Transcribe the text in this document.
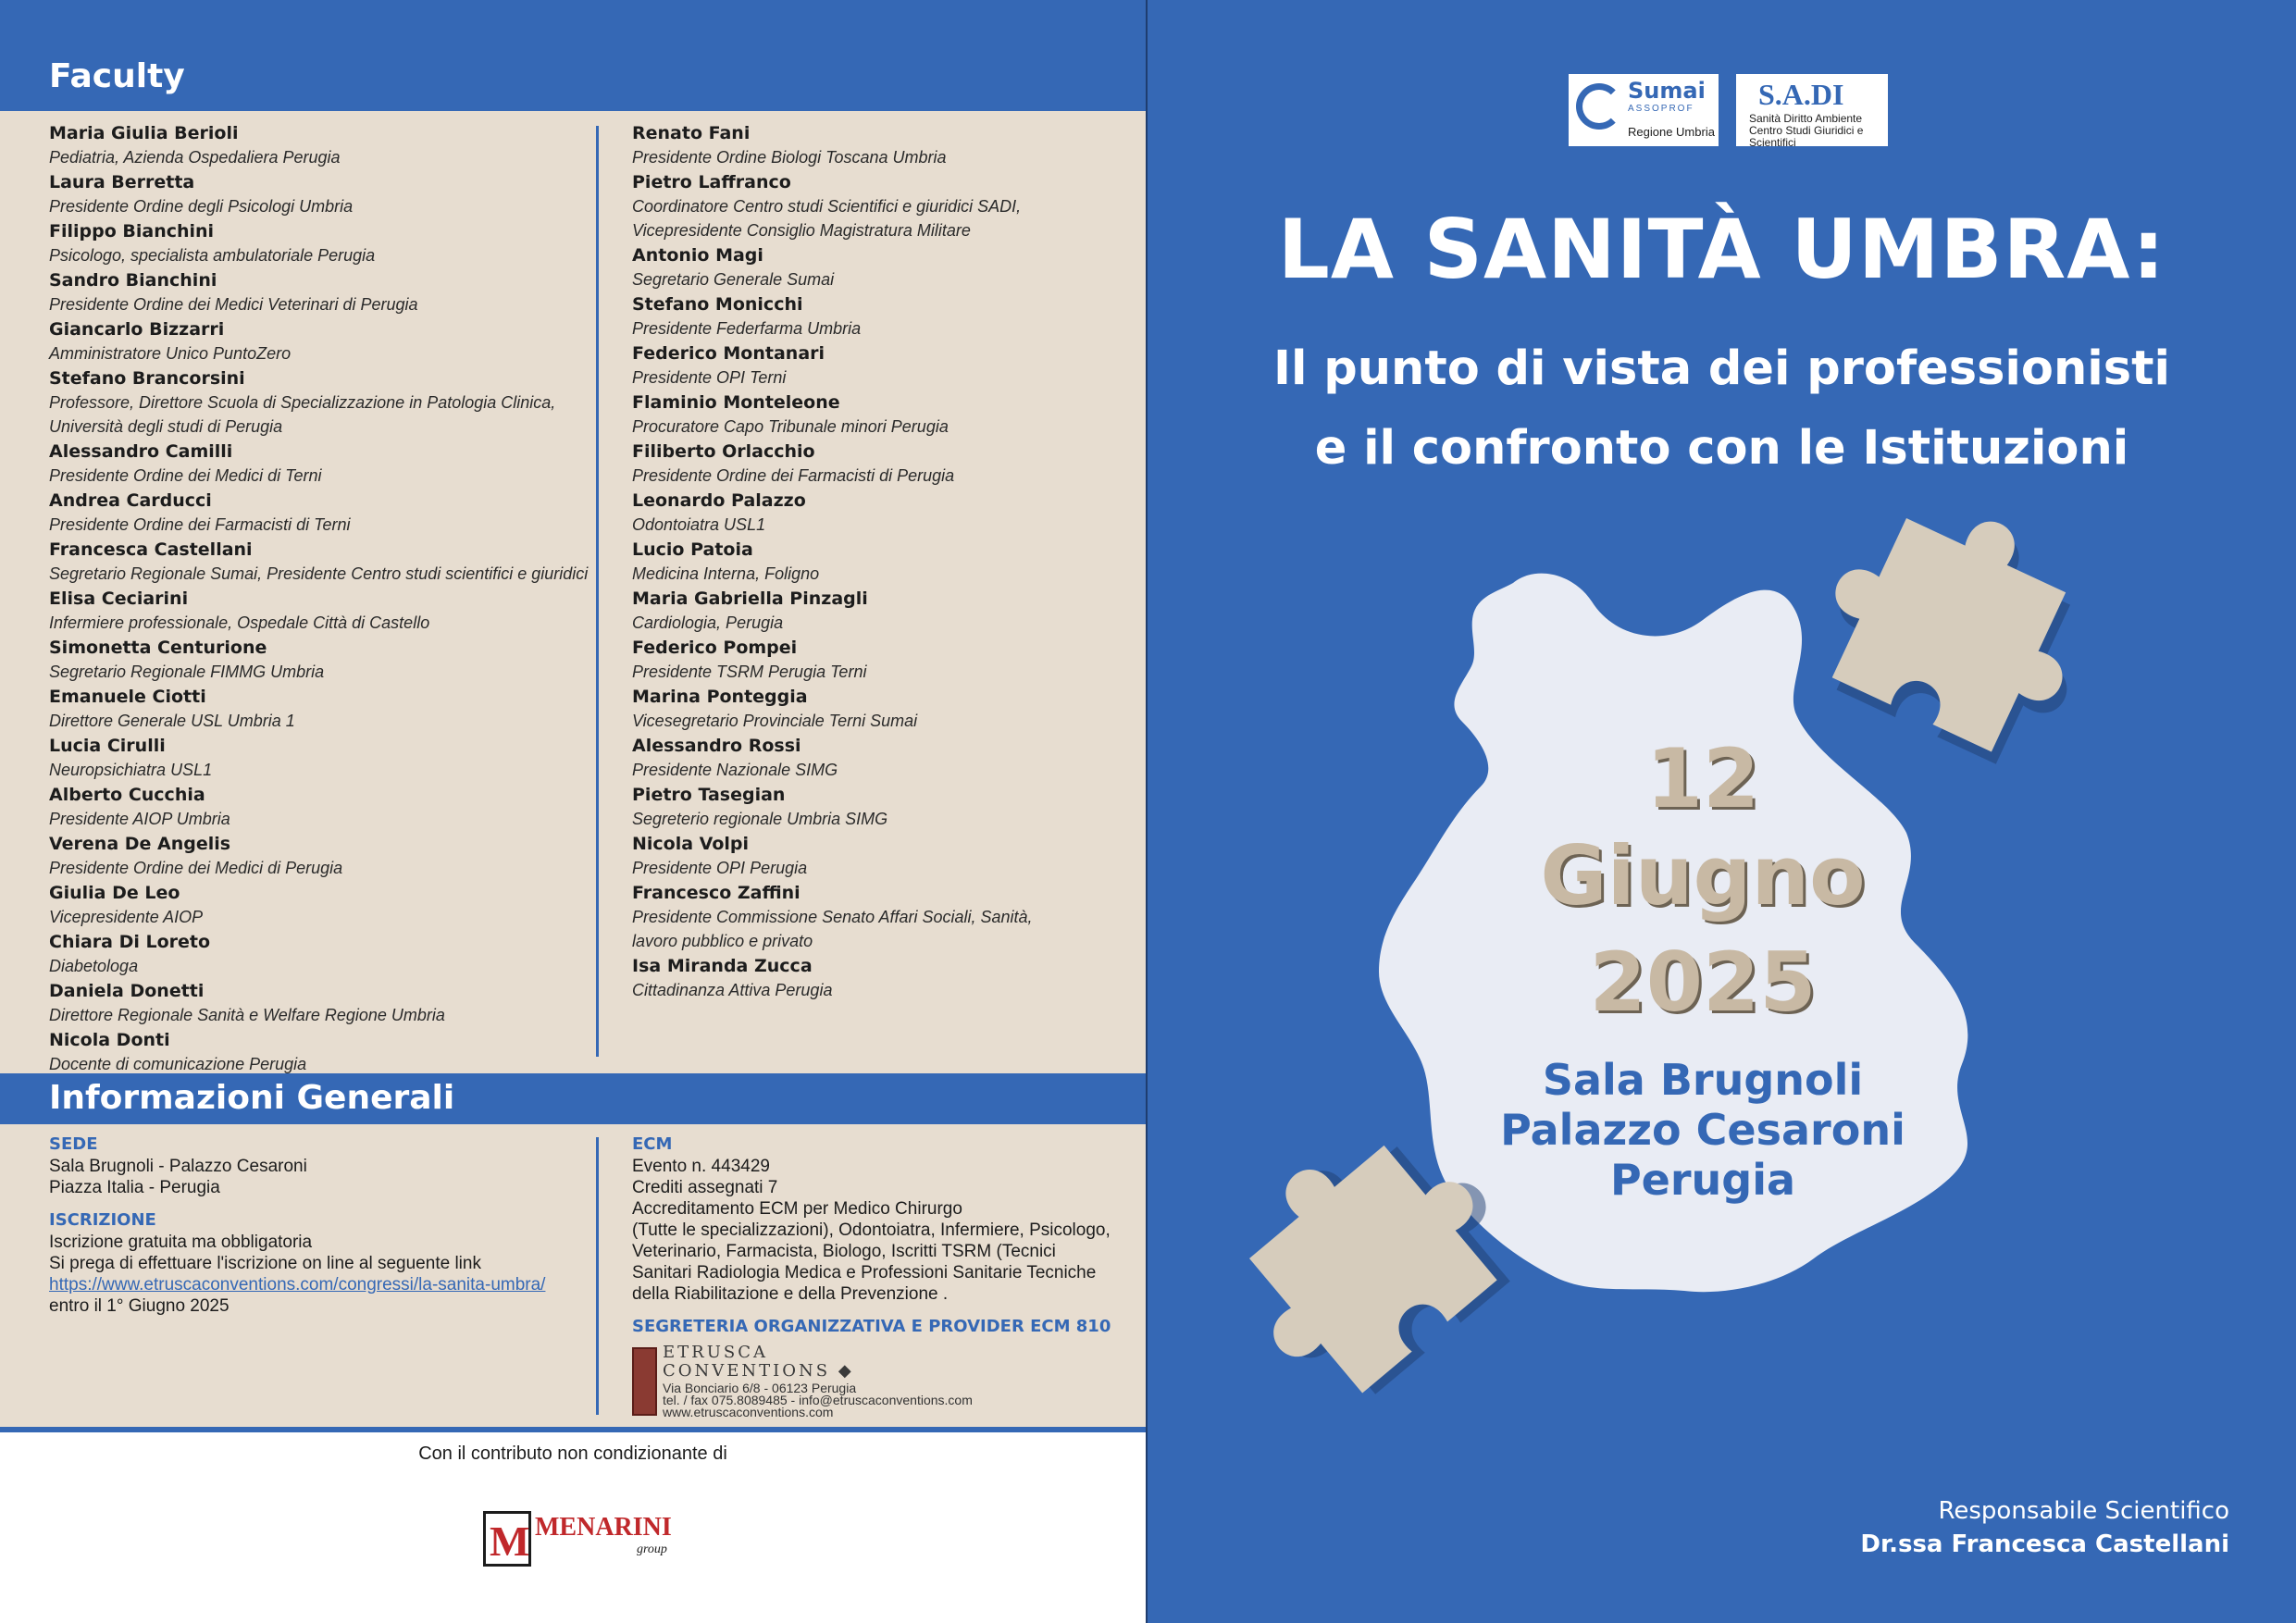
Faculty
Maria Giulia Berioli
Pediatria, Azienda Ospedaliera Perugia
Laura Berretta
Presidente Ordine degli Psicologi Umbria
Filippo Bianchini
Psicologo, specialista ambulatoriale Perugia
Sandro Bianchini
Presidente Ordine dei Medici Veterinari di Perugia
Giancarlo Bizzarri
Amministratore Unico PuntoZero
Stefano Brancorsini
Professore, Direttore Scuola di Specializzazione in Patologia Clinica,
Università degli studi di Perugia
Alessandro Camilli
Presidente Ordine dei Medici di Terni
Andrea Carducci
Presidente Ordine dei Farmacisti di Terni
Francesca Castellani
Segretario Regionale Sumai, Presidente Centro studi scientifici e giuridici
Elisa Ceciarini
Infermiere professionale, Ospedale Città di Castello
Simonetta Centurione
Segretario Regionale FIMMG Umbria
Emanuele Ciotti
Direttore Generale USL Umbria 1
Lucia Cirulli
Neuropsichiatra USL1
Alberto Cucchia
Presidente AIOP Umbria
Verena De Angelis
Presidente Ordine dei Medici di Perugia
Giulia De Leo
Vicepresidente AIOP
Chiara Di Loreto
Diabetologa
Daniela Donetti
Direttore Regionale Sanità e Welfare Regione Umbria
Nicola Donti
Docente di comunicazione Perugia
Renato Fani
Presidente Ordine Biologi Toscana Umbria
Pietro Laffranco
Coordinatore Centro studi Scientifici e giuridici SADI,
Vicepresidente Consiglio Magistratura Militare
Antonio Magi
Segretario Generale Sumai
Stefano Monicchi
Presidente Federfarma Umbria
Federico Montanari
Presidente OPI Terni
Flaminio Monteleone
Procuratore Capo Tribunale minori Perugia
Filiberto Orlacchio
Presidente Ordine dei Farmacisti di Perugia
Leonardo Palazzo
Odontoiatra USL1
Lucio Patoia
Medicina Interna, Foligno
Maria Gabriella Pinzagli
Cardiologia, Perugia
Federico Pompei
Presidente TSRM Perugia Terni
Marina Ponteggia
Vicesegretario Provinciale Terni Sumai
Alessandro Rossi
Presidente Nazionale SIMG
Pietro Tasegian
Segreterio regionale Umbria SIMG
Nicola Volpi
Presidente OPI Perugia
Francesco Zaffini
Presidente Commissione Senato Affari Sociali, Sanità,
lavoro pubblico e privato
Isa Miranda Zucca
Cittadinanza Attiva Perugia
Informazioni Generali
SEDE
Sala Brugnoli - Palazzo Cesaroni
Piazza Italia - Perugia
ISCRIZIONE
Iscrizione gratuita ma obbligatoria
Si prega di effettuare l'iscrizione on line al seguente link
https://www.etruscaconventions.com/congressi/la-sanita-umbra/
entro il 1° Giugno 2025
ECM
Evento n. 443429
Crediti assegnati 7
Accreditamento ECM per Medico Chirurgo
(Tutte le specializzazioni), Odontoiatra, Infermiere, Psicologo,
Veterinario, Farmacista, Biologo, Iscritti TSRM (Tecnici
Sanitari Radiologia Medica e Professioni Sanitarie Tecniche
della Riabilitazione e della Prevenzione .
SEGRETERIA ORGANIZZATIVA E PROVIDER ECM 810
ETRUSCA
CONVENTIONS ◆
Via Bonciario 6/8 - 06123 Perugia
tel. / fax 075.8089485 - info@etruscaconventions.com
www.etruscaconventions.com
Con il contributo non condizionante di
M MENARINI
group
Sumai
ASSOPROF
Regione Umbria
S.A.DI
Sanità Diritto Ambiente
Centro Studi Giuridici e Scientifici
LA SANITÀ UMBRA:
Il punto di vista dei professionisti
e il confronto con le Istituzioni
12
Giugno
2025
Sala Brugnoli
Palazzo Cesaroni
Perugia
Responsabile Scientifico
Dr.ssa Francesca Castellani
